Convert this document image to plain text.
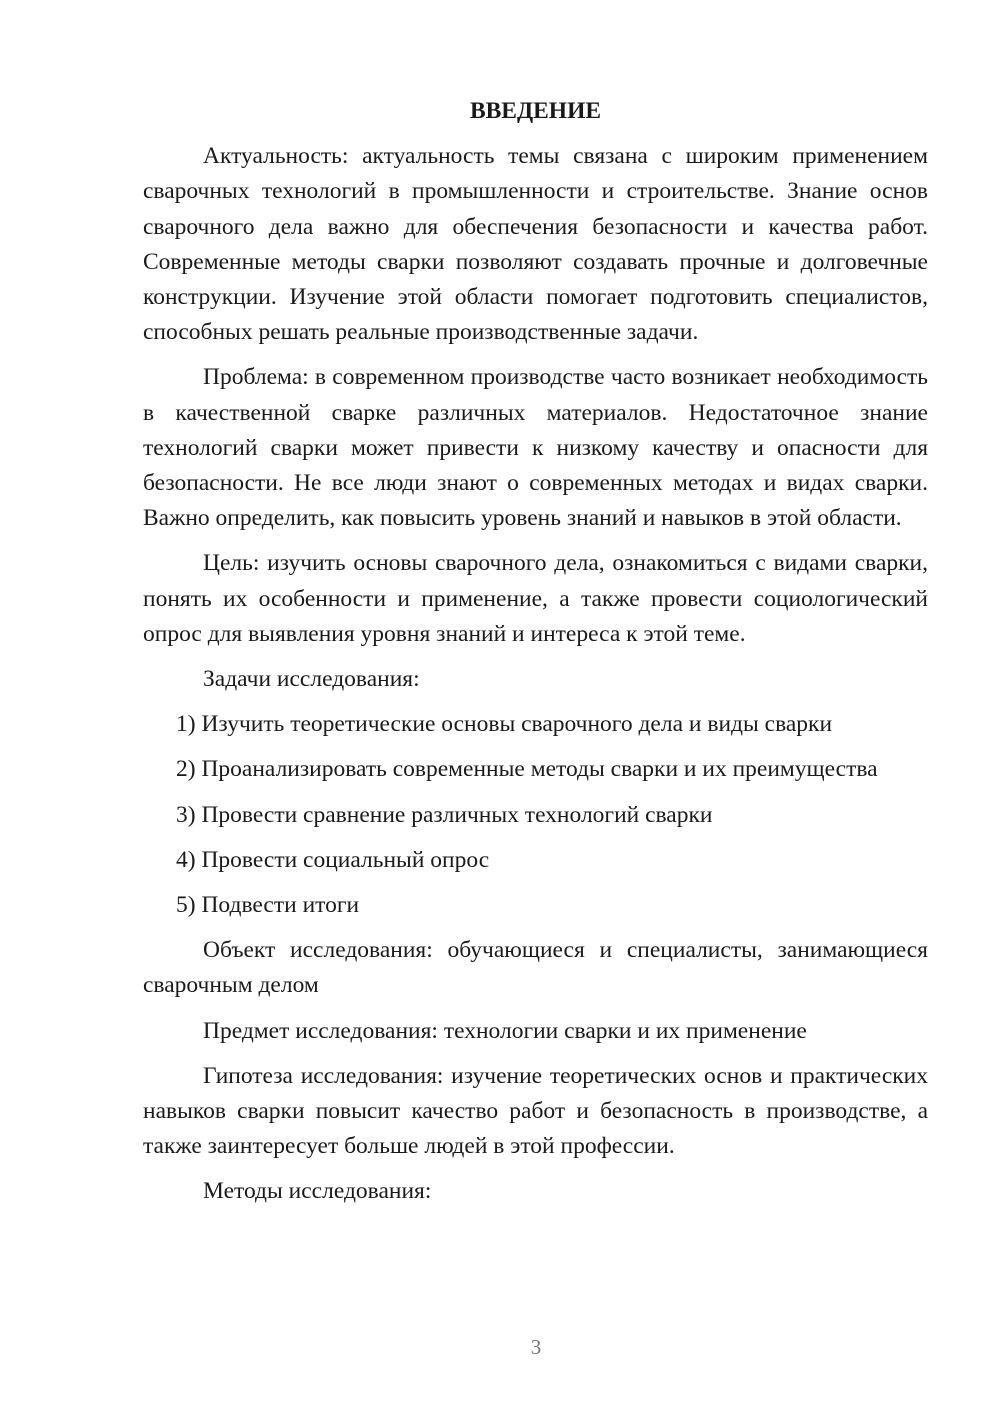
ВВЕДЕНИЕ

Актуальность: актуальность темы связана с широким применением сварочных технологий в промышленности и строительстве. Знание основ сварочного дела важно для обеспечения безопасности и качества работ. Современные методы сварки позволяют создавать прочные и долговечные конструкции. Изучение этой области помогает подготовить специалистов, способных решать реальные производственные задачи.

Проблема: в современном производстве часто возникает необходимость в качественной сварке различных материалов. Недостаточное знание технологий сварки может привести к низкому качеству и опасности для безопасности. Не все люди знают о современных методах и видах сварки. Важно определить, как повысить уровень знаний и навыков в этой области.

Цель: изучить основы сварочного дела, ознакомиться с видами сварки, понять их особенности и применение, а также провести социологический опрос для выявления уровня знаний и интереса к этой теме.

Задачи исследования:

1) Изучить теоретические основы сварочного дела и виды сварки

2) Проанализировать современные методы сварки и их преимущества

3) Провести сравнение различных технологий сварки

4) Провести социальный опрос

5) Подвести итоги

Объект исследования: обучающиеся и специалисты, занимающиеся сварочным делом

Предмет исследования: технологии сварки и их применение

Гипотеза исследования: изучение теоретических основ и практических навыков сварки повысит качество работ и безопасность в производстве, а также заинтересует больше людей в этой профессии.

Методы исследования:

3
